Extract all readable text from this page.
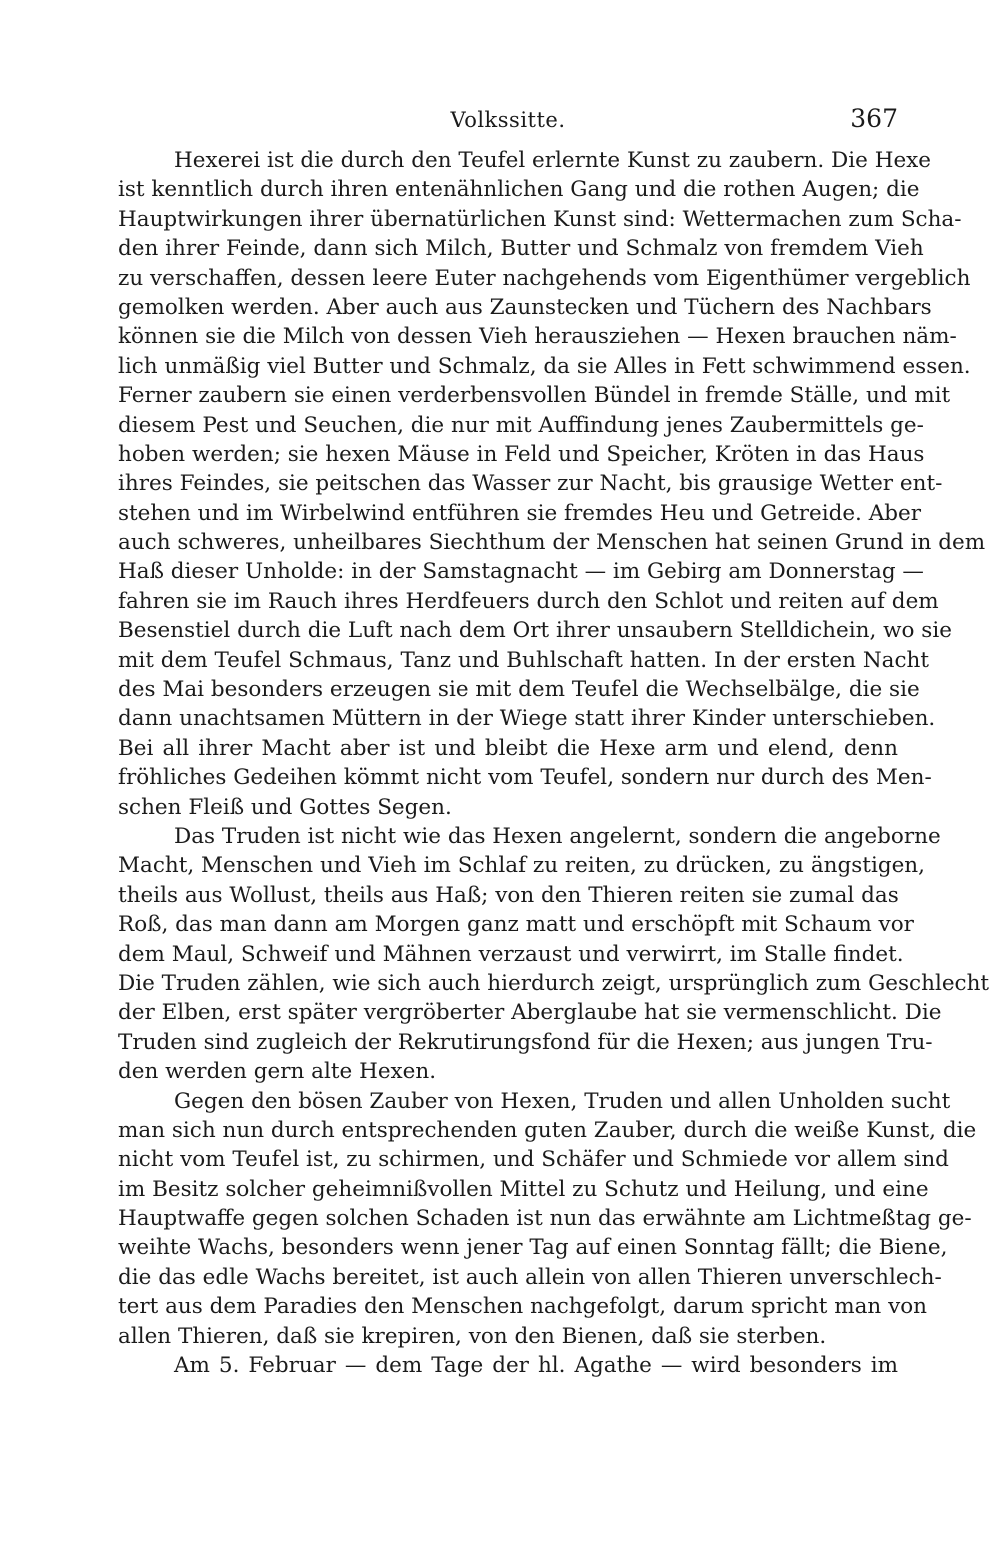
Volkssitte.	367
Hexerei ist die durch den Teufel erlernte Kunst zu zaubern. Die Hexe
ist kenntlich durch ihren entenähnlichen Gang und die rothen Augen; die
Hauptwirkungen ihrer übernatürlichen Kunst sind: Wettermachen zum Scha-
den ihrer Feinde, dann sich Milch, Butter und Schmalz von fremdem Vieh
zu verschaffen, dessen leere Euter nachgehends vom Eigenthümer vergeblich
gemolken werden. Aber auch aus Zaunstecken und Tüchern des Nachbars
können sie die Milch von dessen Vieh herausziehen — Hexen brauchen näm-
lich unmäßig viel Butter und Schmalz, da sie Alles in Fett schwimmend essen.
Ferner zaubern sie einen verderbensvollen Bündel in fremde Ställe, und mit
diesem Pest und Seuchen, die nur mit Auffindung jenes Zaubermittels ge-
hoben werden; sie hexen Mäuse in Feld und Speicher, Kröten in das Haus
ihres Feindes, sie peitschen das Wasser zur Nacht, bis grausige Wetter ent-
stehen und im Wirbelwind entführen sie fremdes Heu und Getreide. Aber
auch schweres, unheilbares Siechthum der Menschen hat seinen Grund in dem
Haß dieser Unholde: in der Samstagnacht — im Gebirg am Donnerstag —
fahren sie im Rauch ihres Herdfeuers durch den Schlot und reiten auf dem
Besenstiel durch die Luft nach dem Ort ihrer unsaubern Stelldichein, wo sie
mit dem Teufel Schmaus, Tanz und Buhlschaft hatten. In der ersten Nacht
des Mai besonders erzeugen sie mit dem Teufel die Wechselbälge, die sie
dann unachtsamen Müttern in der Wiege statt ihrer Kinder unterschieben.
Bei all ihrer Macht aber ist und bleibt die Hexe arm und elend, denn
fröhliches Gedeihen kömmt nicht vom Teufel, sondern nur durch des Men-
schen Fleiß und Gottes Segen.
Das Truden ist nicht wie das Hexen angelernt, sondern die angeborne
Macht, Menschen und Vieh im Schlaf zu reiten, zu drücken, zu ängstigen,
theils aus Wollust, theils aus Haß; von den Thieren reiten sie zumal das
Roß, das man dann am Morgen ganz matt und erschöpft mit Schaum vor
dem Maul, Schweif und Mähnen verzaust und verwirrt, im Stalle findet.
Die Truden zählen, wie sich auch hierdurch zeigt, ursprünglich zum Geschlecht
der Elben, erst später vergröberter Aberglaube hat sie vermenschlicht. Die
Truden sind zugleich der Rekrutirungsfond für die Hexen; aus jungen Tru-
den werden gern alte Hexen.
Gegen den bösen Zauber von Hexen, Truden und allen Unholden sucht
man sich nun durch entsprechenden guten Zauber, durch die weiße Kunst, die
nicht vom Teufel ist, zu schirmen, und Schäfer und Schmiede vor allem sind
im Besitz solcher geheimnißvollen Mittel zu Schutz und Heilung, und eine
Hauptwaffe gegen solchen Schaden ist nun das erwähnte am Lichtmeßtag ge-
weihte Wachs, besonders wenn jener Tag auf einen Sonntag fällt; die Biene,
die das edle Wachs bereitet, ist auch allein von allen Thieren unverschlech-
tert aus dem Paradies den Menschen nachgefolgt, darum spricht man von
allen Thieren, daß sie krepiren, von den Bienen, daß sie sterben.
Am 5. Februar — dem Tage der hl. Agathe — wird besonders im
